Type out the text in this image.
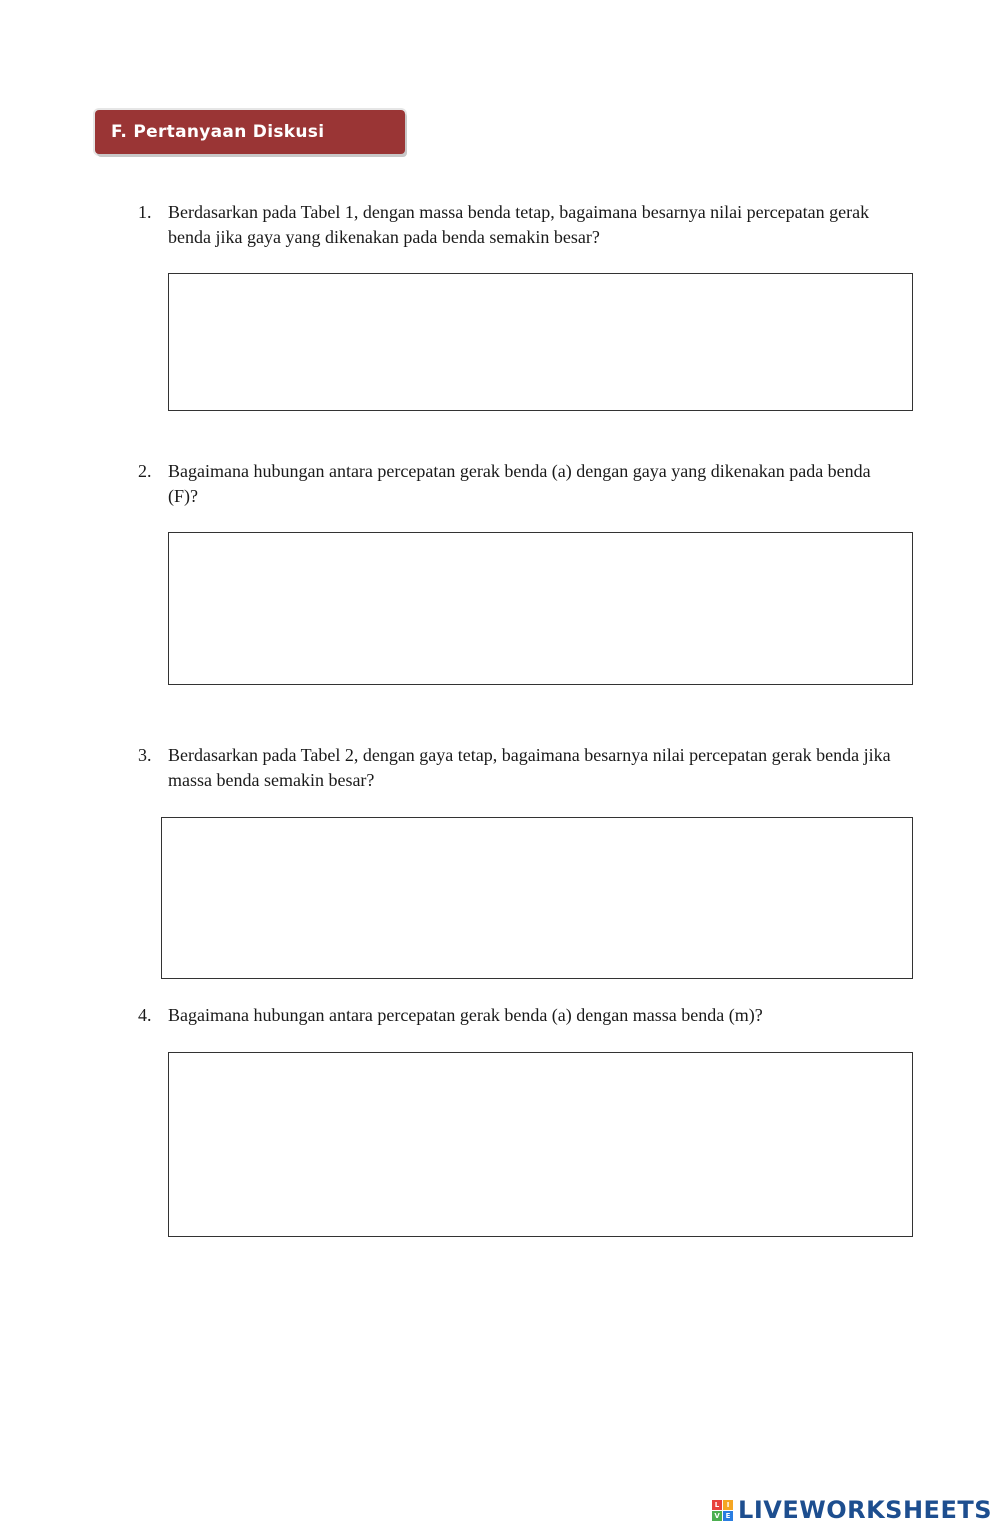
F. Pertanyaan Diskusi
1. Berdasarkan pada Tabel 1, dengan massa benda tetap, bagaimana besarnya nilai percepatan gerak benda jika gaya yang dikenakan pada benda semakin besar?
2. Bagaimana hubungan antara percepatan gerak benda (a) dengan gaya yang dikenakan pada benda (F)?
3. Berdasarkan pada Tabel 2, dengan gaya tetap, bagaimana besarnya nilai percepatan gerak benda jika massa benda semakin besar?
4. Bagaimana hubungan antara percepatan gerak benda (a) dengan massa benda (m)?
L	I
V E LIVEWORKSHEETS
